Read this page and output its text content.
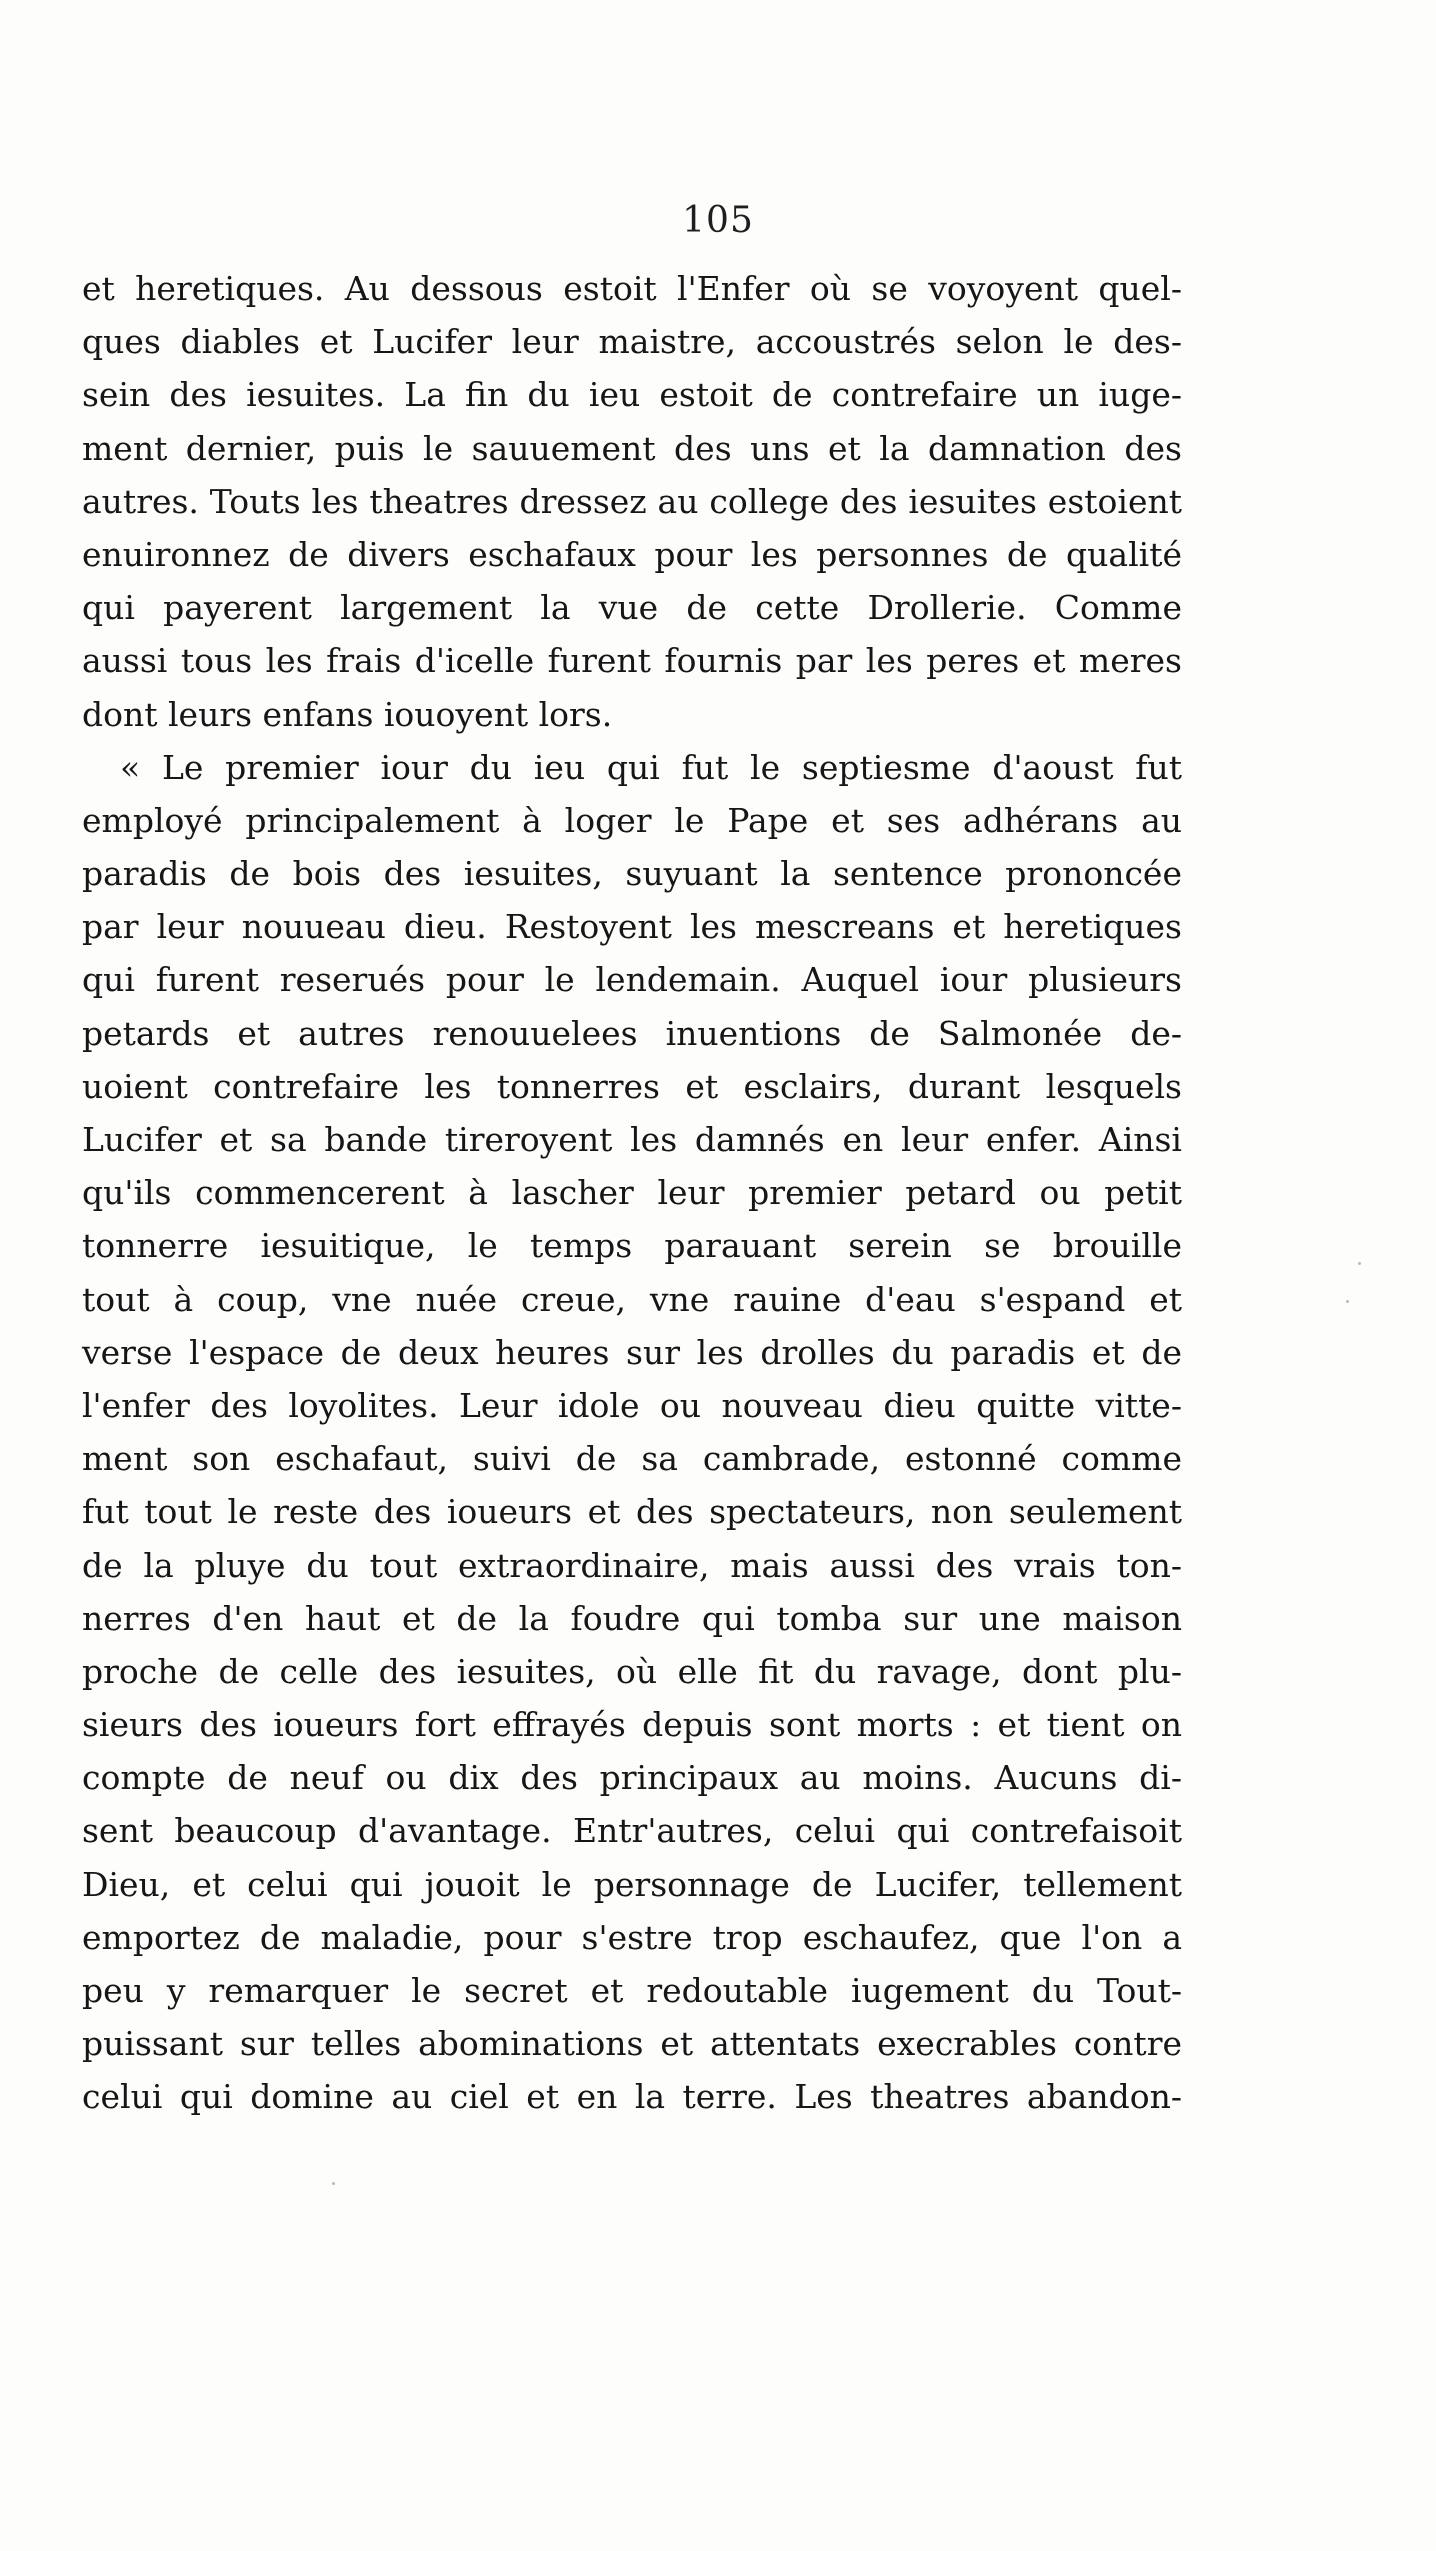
105
et heretiques. Au dessous estoit l'Enfer où se voyoyent quel-
ques diables et Lucifer leur maistre, accoustrés selon le des-
sein des iesuites. La fin du ieu estoit de contrefaire un iuge-
ment dernier, puis le sauuement des uns et la damnation des
autres. Touts les theatres dressez au college des iesuites estoient
enuironnez de divers eschafaux pour les personnes de qualité
qui payerent largement la vue de cette Drollerie. Comme
aussi tous les frais d'icelle furent fournis par les peres et meres
dont leurs enfans iouoyent lors.
« Le premier iour du ieu qui fut le septiesme d'aoust fut
employé principalement à loger le Pape et ses adhérans au
paradis de bois des iesuites, suyuant la sentence prononcée
par leur nouueau dieu. Restoyent les mescreans et heretiques
qui furent reserués pour le lendemain. Auquel iour plusieurs
petards et autres renouuelees inuentions de Salmonée de-
uoient contrefaire les tonnerres et esclairs, durant lesquels
Lucifer et sa bande tireroyent les damnés en leur enfer. Ainsi
qu'ils commencerent à lascher leur premier petard ou petit
tonnerre iesuitique, le temps parauant serein se brouille
tout à coup, vne nuée creue, vne rauine d'eau s'espand et
verse l'espace de deux heures sur les drolles du paradis et de
l'enfer des loyolites. Leur idole ou nouveau dieu quitte vitte-
ment son eschafaut, suivi de sa cambrade, estonné comme
fut tout le reste des ioueurs et des spectateurs, non seulement
de la pluye du tout extraordinaire, mais aussi des vrais ton-
nerres d'en haut et de la foudre qui tomba sur une maison
proche de celle des iesuites, où elle fit du ravage, dont plu-
sieurs des ioueurs fort effrayés depuis sont morts : et tient on
compte de neuf ou dix des principaux au moins. Aucuns di-
sent beaucoup d'avantage. Entr'autres, celui qui contrefaisoit
Dieu, et celui qui jouoit le personnage de Lucifer, tellement
emportez de maladie, pour s'estre trop eschaufez, que l'on a
peu y remarquer le secret et redoutable iugement du Tout-
puissant sur telles abominations et attentats execrables contre
celui qui domine au ciel et en la terre. Les theatres abandon-
